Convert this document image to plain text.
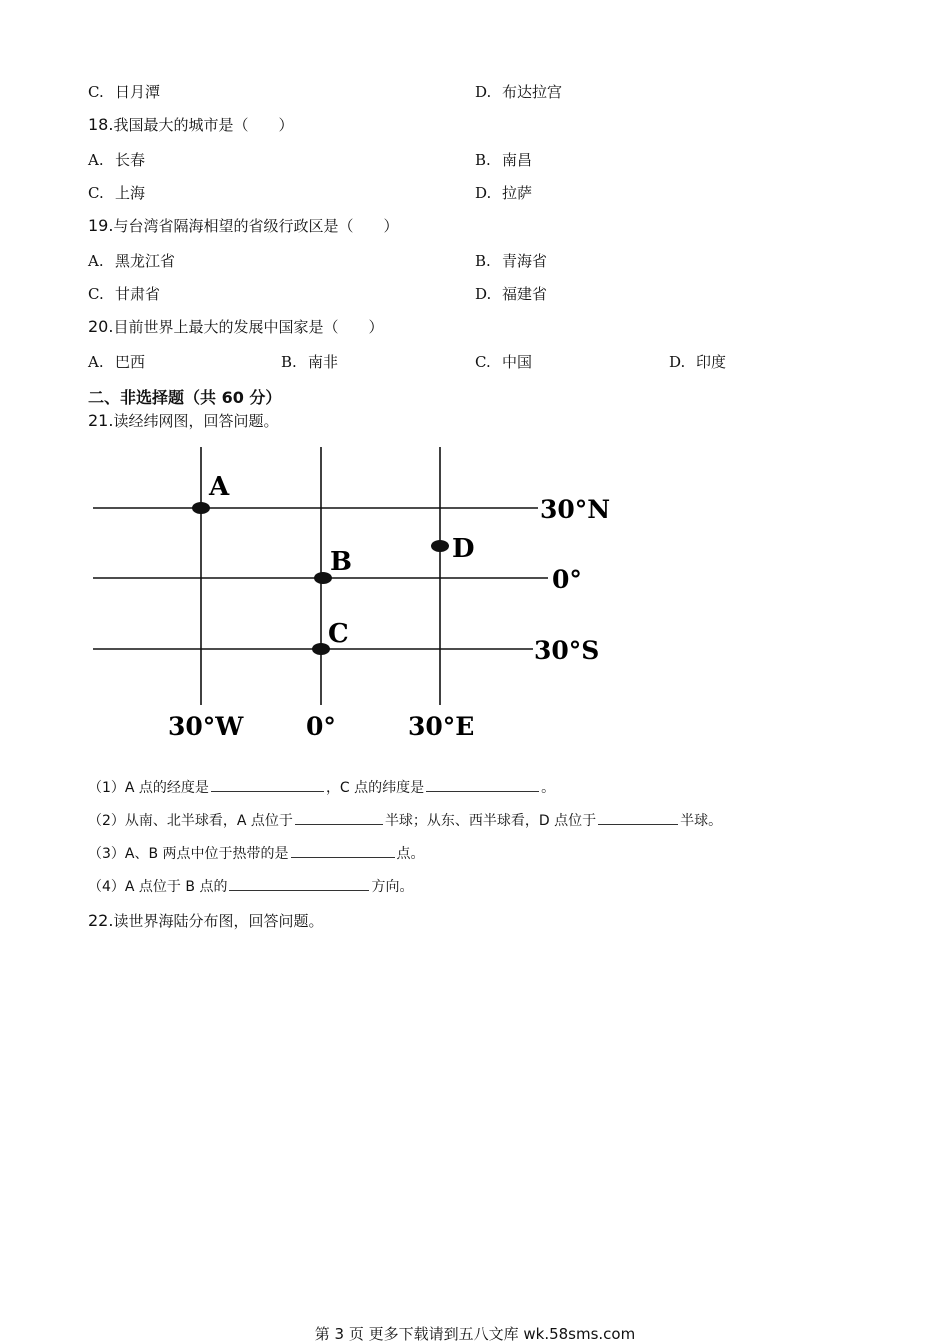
C. 日月潭	D. 布达拉宫
18.我国最大的城市是（　　）
A. 长春	B. 南昌
C. 上海	D. 拉萨
19.与台湾省隔海相望的省级行政区是（　　）
A. 黑龙江省	B. 青海省
C. 甘肃省	D. 福建省
20.目前世界上最大的发展中国家是（　　）
A. 巴西	B. 南非	C. 中国	D. 印度
二、非选择题（共 60 分）
21.读经纬网图，回答问题。
A
B
C
D
30°N
0°
30°S
30°W	0°	30°E
（1）A 点的经度是	，C 点的纬度是	。
（2）从南、北半球看，A 点位于	半球；从东、西半球看，D 点位于	半球。
（3）A、B 两点中位于热带的是	点。
（4）A 点位于 B 点的	方向。
22.读世界海陆分布图，回答问题。
第 3 页 更多下载请到五八文库 wk.58sms.com
